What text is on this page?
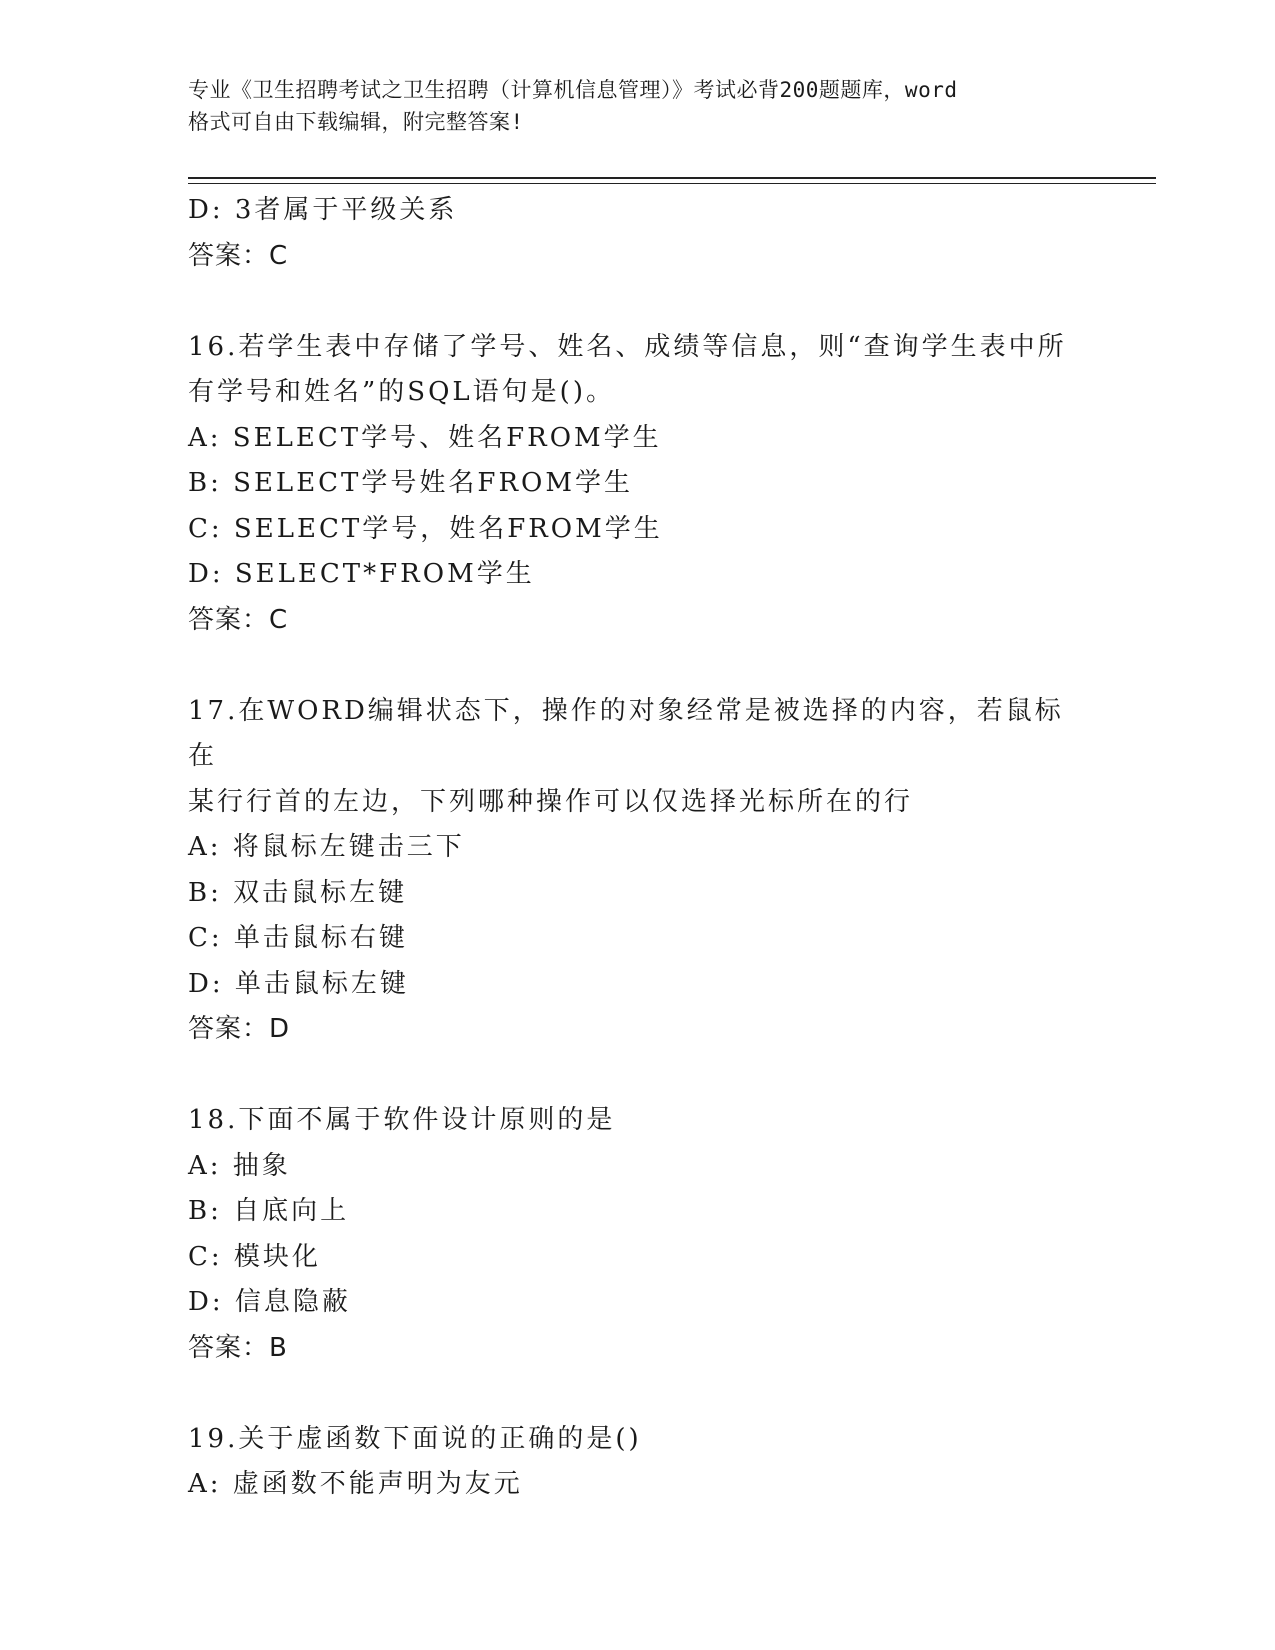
专业《卫生招聘考试之卫生招聘（计算机信息管理）》考试必背200题题库，word
格式可自由下载编辑，附完整答案!
D: 3者属于平级关系
答案：C
16.若学生表中存储了学号、姓名、成绩等信息，则“查询学生表中所
有学号和姓名”的SQL语句是()。
A: SELECT学号、姓名FROM学生
B: SELECT学号姓名FROM学生
C: SELECT学号，姓名FROM学生
D: SELECT*FROM学生
答案：C
17.在WORD编辑状态下，操作的对象经常是被选择的内容，若鼠标在
某行行首的左边，下列哪种操作可以仅选择光标所在的行
A: 将鼠标左键击三下
B: 双击鼠标左键
C: 单击鼠标右键
D: 单击鼠标左键
答案：D
18.下面不属于软件设计原则的是
A: 抽象
B: 自底向上
C: 模块化
D: 信息隐蔽
答案：B
19.关于虚函数下面说的正确的是()
A: 虚函数不能声明为友元
